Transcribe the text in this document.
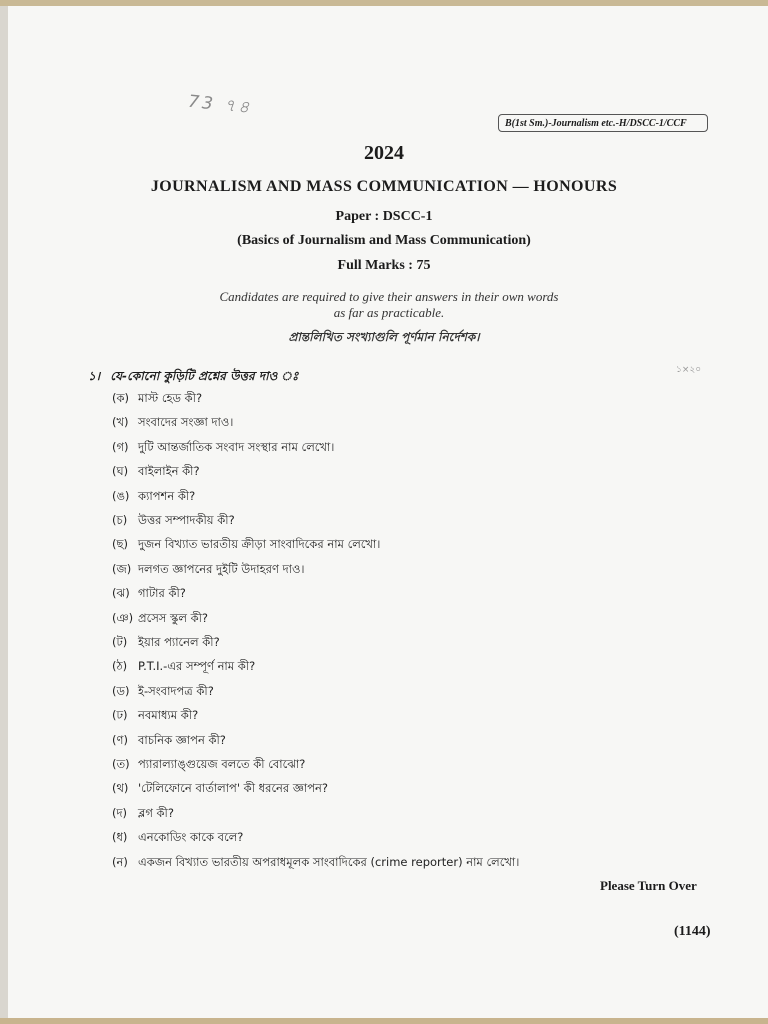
73 ৭৪
B(1st Sm.)-Journalism etc.-H/DSCC-1/CCF
2024
JOURNALISM AND MASS COMMUNICATION — HONOURS
Paper : DSCC-1
(Basics of Journalism and Mass Communication)
Full Marks : 75
Candidates are required to give their answers in their own words
as far as practicable.
প্রান্তলিখিত সংখ্যাগুলি পূর্ণমান নির্দেশক।
১। যে-কোনো কুড়িটি প্রশ্নের উত্তর দাও ঃ	১×২০
(ক) মাস্ট হেড কী?
(খ) সংবাদের সংজ্ঞা দাও।
(গ) দুটি আন্তর্জাতিক সংবাদ সংস্থার নাম লেখো।
(ঘ) বাইলাইন কী?
(ঙ) ক্যাপশন কী?
(চ) উত্তর সম্পাদকীয় কী?
(ছ) দুজন বিখ্যাত ভারতীয় ক্রীড়া সাংবাদিকের নাম লেখো।
(জ) দলগত জ্ঞাপনের দুইটি উদাহরণ দাও।
(ঝ) গাটার কী?
(ঞ) প্রসেস স্কুল কী?
(ট) ইয়ার প্যানেল কী?
(ঠ) P.T.I.-এর সম্পূর্ণ নাম কী?
(ড) ই-সংবাদপত্র কী?
(ঢ) নবমাধ্যম কী?
(ণ) বাচনিক জ্ঞাপন কী?
(ত) প্যারাল্যাঙ্গুয়েজ বলতে কী বোঝো?
(থ) 'টেলিফোনে বার্তালাপ' কী ধরনের জ্ঞাপন?
(দ) ব্লগ কী?
(ধ) এনকোডিং কাকে বলে?
(ন) একজন বিখ্যাত ভারতীয় অপরাধমূলক সাংবাদিকের (crime reporter) নাম লেখো।
Please Turn Over
(1144)
